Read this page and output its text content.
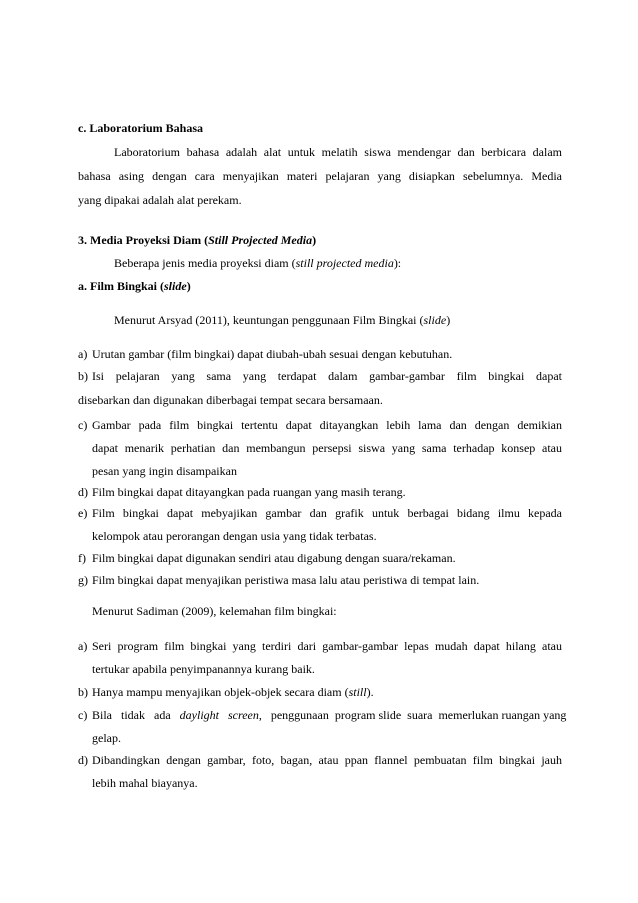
c. Laboratorium Bahasa
Laboratorium bahasa adalah alat untuk melatih siswa mendengar dan berbicara dalam
bahasa asing dengan cara menyajikan materi pelajaran yang disiapkan sebelumnya. Media
yang dipakai adalah alat perekam.
3. Media Proyeksi Diam (Still Projected Media)
Beberapa jenis media proyeksi diam (still projected media):
a. Film Bingkai (slide)
Menurut Arsyad (2011), keuntungan penggunaan Film Bingkai (slide)
a) Urutan gambar (film bingkai) dapat diubah-ubah sesuai dengan kebutuhan.
b) Isi pelajaran yang sama yang terdapat dalam gambar-gambar film bingkai dapat
disebarkan dan digunakan diberbagai tempat secara bersamaan.
c) Gambar pada film bingkai tertentu dapat ditayangkan lebih lama dan dengan demikian
dapat menarik perhatian dan membangun persepsi siswa yang sama terhadap konsep atau
pesan yang ingin disampaikan
d) Film bingkai dapat ditayangkan pada ruangan yang masih terang.
e) Film bingkai dapat mebyajikan gambar dan grafik untuk berbagai bidang ilmu kepada
kelompok atau perorangan dengan usia yang tidak terbatas.
f) Film bingkai dapat digunakan sendiri atau digabung dengan suara/rekaman.
g) Film bingkai dapat menyajikan peristiwa masa lalu atau peristiwa di tempat lain.
Menurut Sadiman (2009), kelemahan film bingkai:
a) Seri program film bingkai yang terdiri dari gambar-gambar lepas mudah dapat hilang atau
tertukar apabila penyimpanannya kurang baik.
b) Hanya mampu menyajikan objek-objek secara diam (still).
c) Bila   tidak   ada   daylight   screen,   penggunaan  program slide  suara  memerlukan ruangan yang
gelap.
d) Dibandingkan dengan gambar, foto, bagan, atau ppan flannel pembuatan film bingkai jauh
lebih mahal biayanya.
